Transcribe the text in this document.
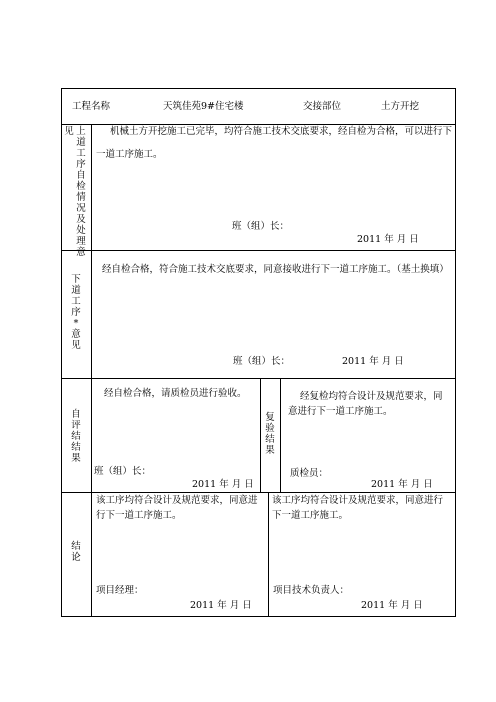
工程名称	天筑佳苑9#住宅楼	交接部位	土方开挖
见 上道工序自检情况及处理意
机械土方开挖施工已完毕，均符合施工技术交底要求，经自检为合格，可以进行下一道工序施工。
班（组）长：
2011 年 月 日
下道工序*意见
经自检合格，符合施工技术交底要求，同意接收进行下一道工序施工。（基土换填）
班（组）长：	2011 年 月 日
自评结结果
经自检合格，请质检员进行验收。
班（组）长：
2011 年 月 日
复验结果
经复检均符合设计及规范要求，同意进行下一道工序施工。
质检员：
2011 年 月 日
结论
该工序均符合设计及规范要求，同意进行下一道工序施工。
项目经理：
2011 年 月 日
该工序均符合设计及规范要求，同意进行下一道工序施工。
项目技术负责人：
2011 年 月 日
